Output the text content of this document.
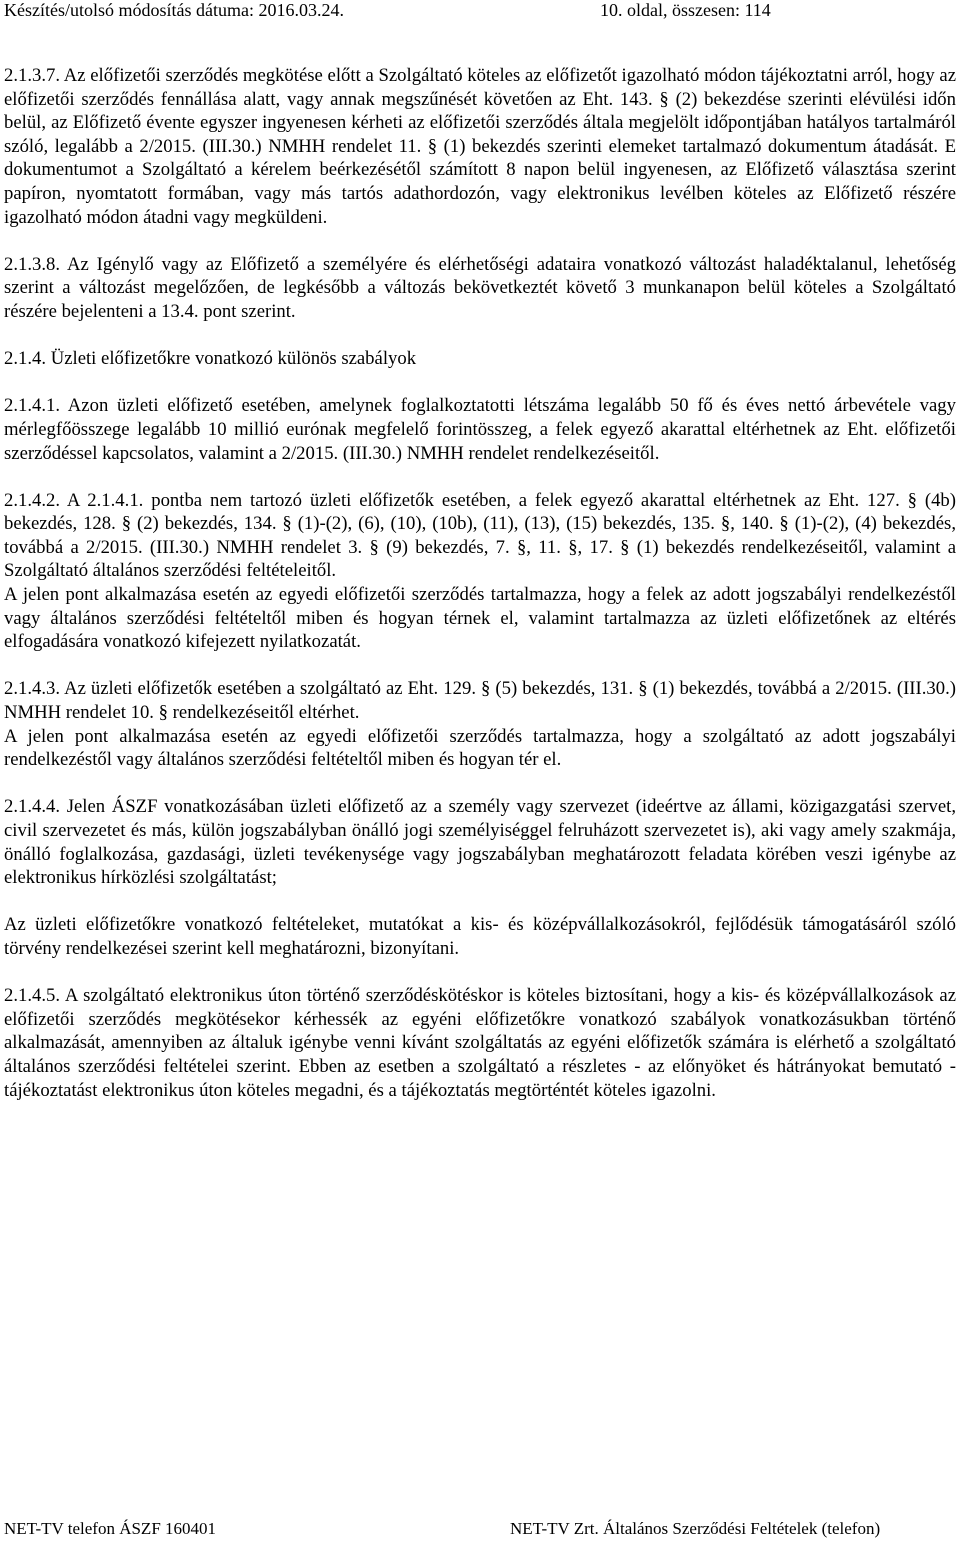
Készítés/utolsó módosítás dátuma: 2016.03.24.	10. oldal, összesen: 114

2.1.3.7. Az előfizetői szerződés megkötése előtt a Szolgáltató köteles az előfizetőt igazolható módon tájékoztatni arról, hogy az előfizetői szerződés fennállása alatt, vagy annak megszűnését követően az Eht. 143. § (2) bekezdése szerinti elévülési időn belül, az Előfizető évente egyszer ingyenesen kérheti az előfizetői szerződés általa megjelölt időpontjában hatályos tartalmáról szóló, legalább a 2/2015. (III.30.) NMHH rendelet 11. § (1) bekezdés szerinti elemeket tartalmazó dokumentum átadását. E dokumentumot a Szolgáltató a kérelem beérkezésétől számított 8 napon belül ingyenesen, az Előfizető választása szerint papíron, nyomtatott formában, vagy más tartós adathordozón, vagy elektronikus levélben köteles az Előfizető részére igazolható módon átadni vagy megküldeni.

2.1.3.8. Az Igénylő vagy az Előfizető a személyére és elérhetőségi adataira vonatkozó változást haladéktalanul, lehetőség szerint a változást megelőzően, de legkésőbb a változás bekövetkeztét követő 3 munkanapon belül köteles a Szolgáltató részére bejelenteni a 13.4. pont szerint.

2.1.4. Üzleti előfizetőkre vonatkozó különös szabályok

2.1.4.1. Azon üzleti előfizető esetében, amelynek foglalkoztatotti létszáma legalább 50 fő és éves nettó árbevétele vagy mérlegfőösszege legalább 10 millió eurónak megfelelő forintösszeg, a felek egyező akarattal eltérhetnek az Eht. előfizetői szerződéssel kapcsolatos, valamint a 2/2015. (III.30.) NMHH rendelet rendelkezéseitől.

2.1.4.2. A 2.1.4.1. pontba nem tartozó üzleti előfizetők esetében, a felek egyező akarattal eltérhetnek az Eht. 127. § (4b) bekezdés, 128. § (2) bekezdés, 134. § (1)-(2), (6), (10), (10b), (11), (13), (15) bekezdés, 135. §, 140. § (1)-(2), (4) bekezdés, továbbá a 2/2015. (III.30.) NMHH rendelet 3. § (9) bekezdés, 7. §, 11. §, 17. § (1) bekezdés rendelkezéseitől, valamint a Szolgáltató általános szerződési feltételeitől.

A jelen pont alkalmazása esetén az egyedi előfizetői szerződés tartalmazza, hogy a felek az adott jogszabályi rendelkezéstől vagy általános szerződési feltételtől miben és hogyan térnek el, valamint tartalmazza az üzleti előfizetőnek az eltérés elfogadására vonatkozó kifejezett nyilatkozatát.

2.1.4.3. Az üzleti előfizetők esetében a szolgáltató az Eht. 129. § (5) bekezdés, 131. § (1) bekezdés, továbbá a 2/2015. (III.30.) NMHH rendelet 10. § rendelkezéseitől eltérhet.

A jelen pont alkalmazása esetén az egyedi előfizetői szerződés tartalmazza, hogy a szolgáltató az adott jogszabályi rendelkezéstől vagy általános szerződési feltételtől miben és hogyan tér el.

2.1.4.4. Jelen ÁSZF vonatkozásában üzleti előfizető az a személy vagy szervezet (ideértve az állami, közigazgatási szervet, civil szervezetet és más, külön jogszabályban önálló jogi személyiséggel felruházott szervezetet is), aki vagy amely szakmája, önálló foglalkozása, gazdasági, üzleti tevékenysége vagy jogszabályban meghatározott feladata körében veszi igénybe az elektronikus hírközlési szolgáltatást;

Az üzleti előfizetőkre vonatkozó feltételeket, mutatókat a kis- és középvállalkozásokról, fejlődésük támogatásáról szóló törvény rendelkezései szerint kell meghatározni, bizonyítani.

2.1.4.5. A szolgáltató elektronikus úton történő szerződéskötéskor is köteles biztosítani, hogy a kis- és középvállalkozások az előfizetői szerződés megkötésekor kérhessék az egyéni előfizetőkre vonatkozó szabályok vonatkozásukban történő alkalmazását, amennyiben az általuk igénybe venni kívánt szolgáltatás az egyéni előfizetők számára is elérhető a szolgáltató általános szerződési feltételei szerint. Ebben az esetben a szolgáltató a részletes - az előnyöket és hátrányokat bemutató - tájékoztatást elektronikus úton köteles megadni, és a tájékoztatás megtörténtét köteles igazolni.

NET-TV telefon ÁSZF 160401	NET-TV Zrt. Általános Szerződési Feltételek (telefon)
